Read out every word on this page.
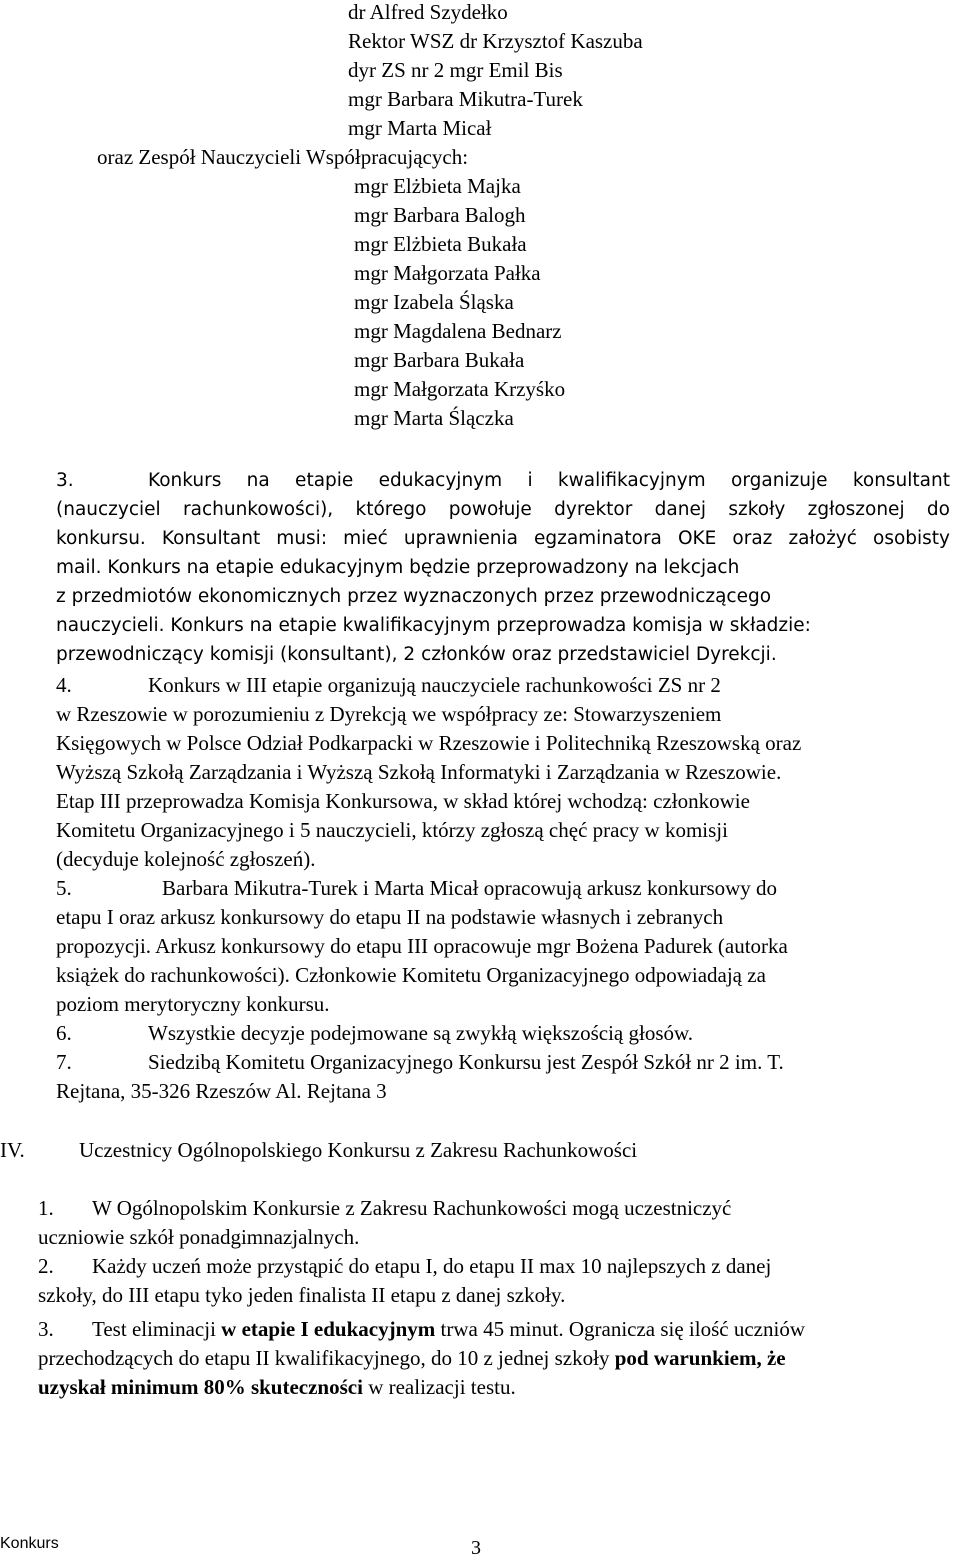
dr Alfred Szydełko
Rektor WSZ dr Krzysztof Kaszuba
dyr ZS nr 2 mgr Emil Bis
mgr Barbara Mikutra-Turek
mgr Marta Micał
oraz Zespół Nauczycieli Współpracujących:
mgr Elżbieta Majka
mgr Barbara Balogh
mgr Elżbieta Bukała
mgr Małgorzata Pałka
mgr Izabela Śląska
mgr Magdalena Bednarz
mgr Barbara Bukała
mgr Małgorzata Krzyśko
mgr Marta Ślączka
3.	Konkurs na etapie edukacyjnym i kwalifikacyjnym organizuje konsultant
(nauczyciel rachunkowości), którego powołuje dyrektor danej szkoły zgłoszonej do
konkursu. Konsultant musi: mieć uprawnienia egzaminatora OKE oraz założyć osobisty
mail. Konkurs na etapie edukacyjnym będzie przeprowadzony na lekcjach
z przedmiotów ekonomicznych przez wyznaczonych przez przewodniczącego
nauczycieli. Konkurs na etapie kwalifikacyjnym przeprowadza komisja w składzie:
przewodniczący komisji (konsultant), 2 członków oraz przedstawiciel Dyrekcji.
4.	Konkurs w III etapie organizują nauczyciele rachunkowości ZS nr 2
w Rzeszowie w porozumieniu z Dyrekcją we współpracy ze: Stowarzyszeniem
Księgowych w Polsce Odział Podkarpacki w Rzeszowie i Politechniką Rzeszowską oraz
Wyższą Szkołą Zarządzania i Wyższą Szkołą Informatyki i Zarządzania w Rzeszowie.
Etap III przeprowadza Komisja Konkursowa, w skład której wchodzą: członkowie
Komitetu Organizacyjnego i 5 nauczycieli, którzy zgłoszą chęć pracy w komisji
(decyduje kolejność zgłoszeń).
5.	Barbara Mikutra-Turek i Marta Micał opracowują arkusz konkursowy do
etapu I oraz arkusz konkursowy do etapu II na podstawie własnych i zebranych
propozycji. Arkusz konkursowy do etapu III opracowuje mgr Bożena Padurek (autorka
książek do rachunkowości). Członkowie Komitetu Organizacyjnego odpowiadają za
poziom merytoryczny konkursu.
6.	Wszystkie decyzje podejmowane są zwykłą większością głosów.
7.	Siedzibą Komitetu Organizacyjnego Konkursu jest Zespół Szkół nr 2 im. T.
Rejtana, 35-326 Rzeszów Al. Rejtana 3
IV.	Uczestnicy Ogólnopolskiego Konkursu z Zakresu Rachunkowości
1. W Ogólnopolskim Konkursie z Zakresu Rachunkowości mogą uczestniczyć
uczniowie szkół ponadgimnazjalnych.
2. Każdy uczeń może przystąpić do etapu I, do etapu II max 10 najlepszych z danej
szkoły, do III etapu tyko jeden finalista II etapu z danej szkoły.
3. Test eliminacji w etapie I edukacyjnym trwa 45 minut. Ogranicza się ilość uczniów
przechodzących do etapu II kwalifikacyjnego, do 10 z jednej szkoły pod warunkiem, że
uzyskał minimum 80% skuteczności w realizacji testu.
Konkurs	3
